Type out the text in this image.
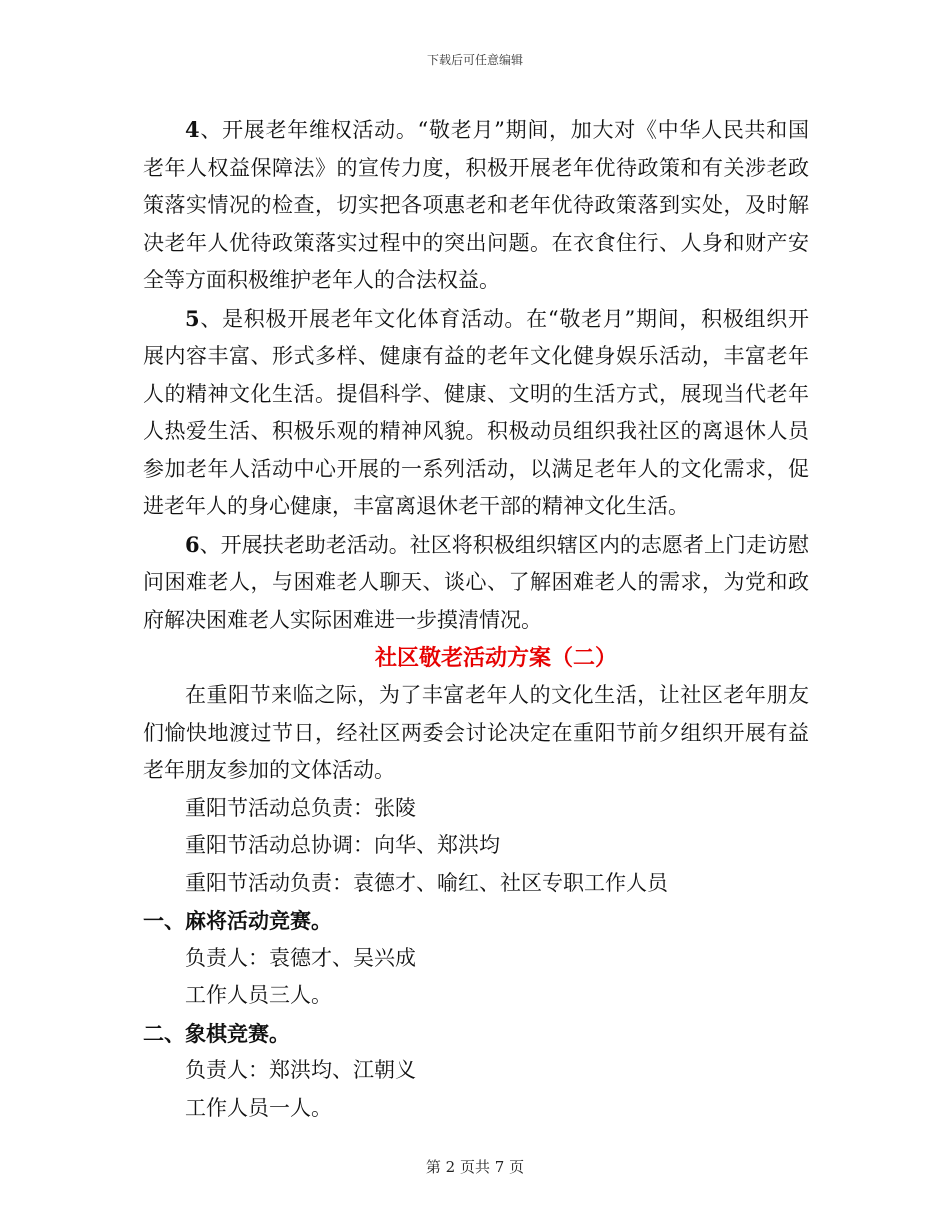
下载后可任意编辑

4、开展老年维权活动。“敬老月”期间，加大对《中华人民共和国老年人权益保障法》的宣传力度，积极开展老年优待政策和有关涉老政策落实情况的检查，切实把各项惠老和老年优待政策落到实处，及时解决老年人优待政策落实过程中的突出问题。在衣食住行、人身和财产安全等方面积极维护老年人的合法权益。

5、是积极开展老年文化体育活动。在“敬老月”期间，积极组织开展内容丰富、形式多样、健康有益的老年文化健身娱乐活动，丰富老年人的精神文化生活。提倡科学、健康、文明的生活方式，展现当代老年人热爱生活、积极乐观的精神风貌。积极动员组织我社区的离退休人员参加老年人活动中心开展的一系列活动，以满足老年人的文化需求，促进老年人的身心健康，丰富离退休老干部的精神文化生活。

6、开展扶老助老活动。社区将积极组织辖区内的志愿者上门走访慰问困难老人，与困难老人聊天、谈心、了解困难老人的需求，为党和政府解决困难老人实际困难进一步摸清情况。

社区敬老活动方案（二）

在重阳节来临之际，为了丰富老年人的文化生活，让社区老年朋友们愉快地渡过节日，经社区两委会讨论决定在重阳节前夕组织开展有益老年朋友参加的文体活动。

重阳节活动总负责：张陵

重阳节活动总协调：向华、郑洪均

重阳节活动负责：袁德才、喻红、社区专职工作人员

一、麻将活动竞赛。

负责人：袁德才、吴兴成

工作人员三人。

二、象棋竞赛。

负责人：郑洪均、江朝义

工作人员一人。

第 2 页共 7 页
